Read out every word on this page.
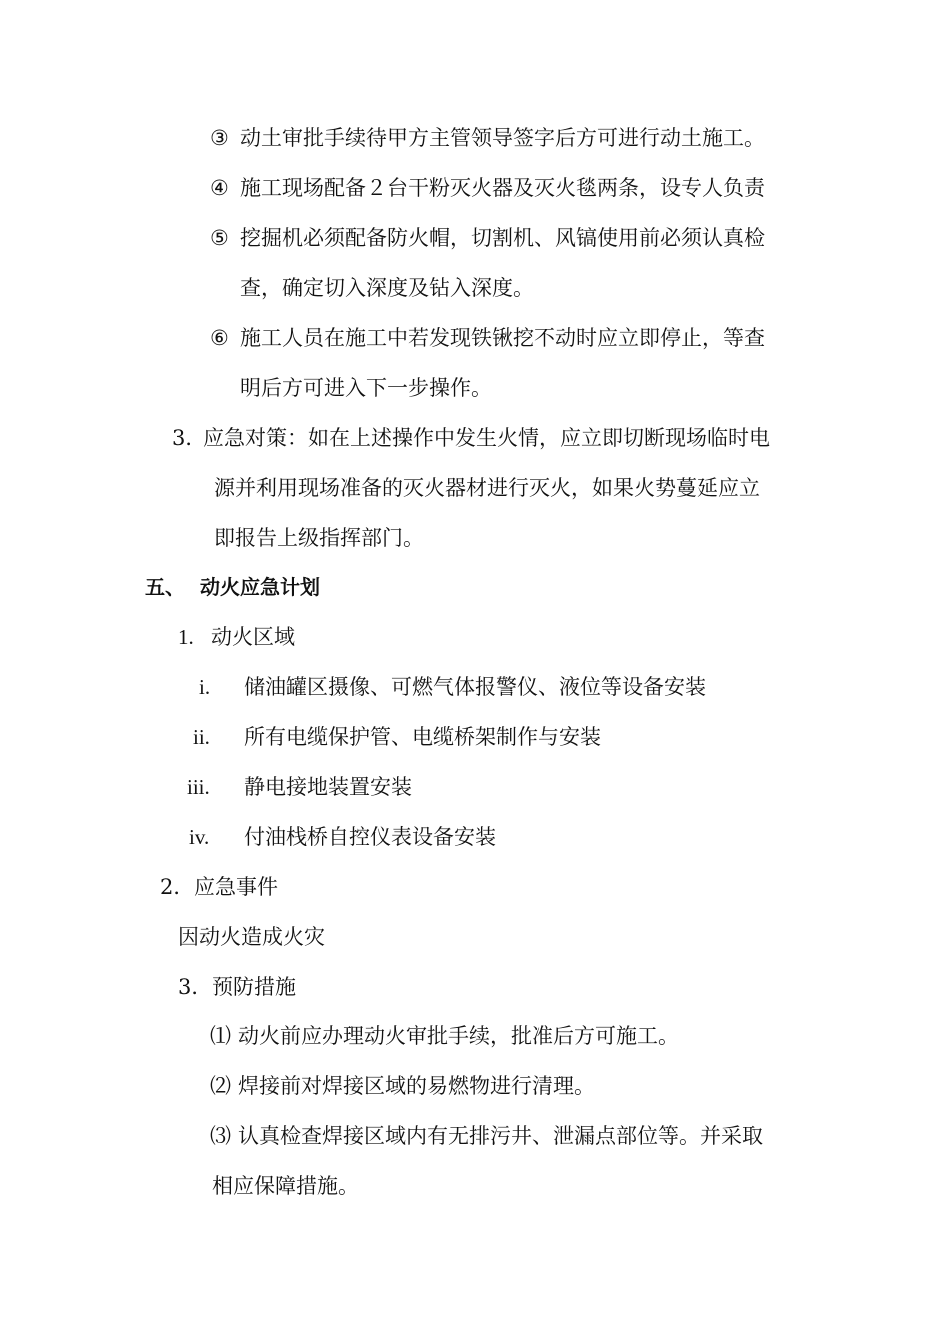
③ 动土审批手续待甲方主管领导签字后方可进行动土施工。
④ 施工现场配备２台干粉灭火器及灭火毯两条，设专人负责
⑤ 挖掘机必须配备防火帽，切割机、风镐使用前必须认真检
查，确定切入深度及钻入深度。
⑥ 施工人员在施工中若发现铁锹挖不动时应立即停止，等查
明后方可进入下一步操作。
3．
应急对策：如在上述操作中发生火情，应立即切断现场临时电
源并利用现场准备的灭火器材进行灭火，如果火势蔓延应立
即报告上级指挥部门。
五、 动火应急计划
1. 动火区域
i. 储油罐区摄像、可燃气体报警仪、液位等设备安装
ii. 所有电缆保护管、电缆桥架制作与安装
iii. 静电接地装置安装
iv. 付油栈桥自控仪表设备安装
2． 应急事件
因动火造成火灾
3． 预防措施
⑴ 动火前应办理动火审批手续，批准后方可施工。
⑵ 焊接前对焊接区域的易燃物进行清理。
⑶ 认真检查焊接区域内有无排污井、泄漏点部位等。并采取
相应保障措施。
